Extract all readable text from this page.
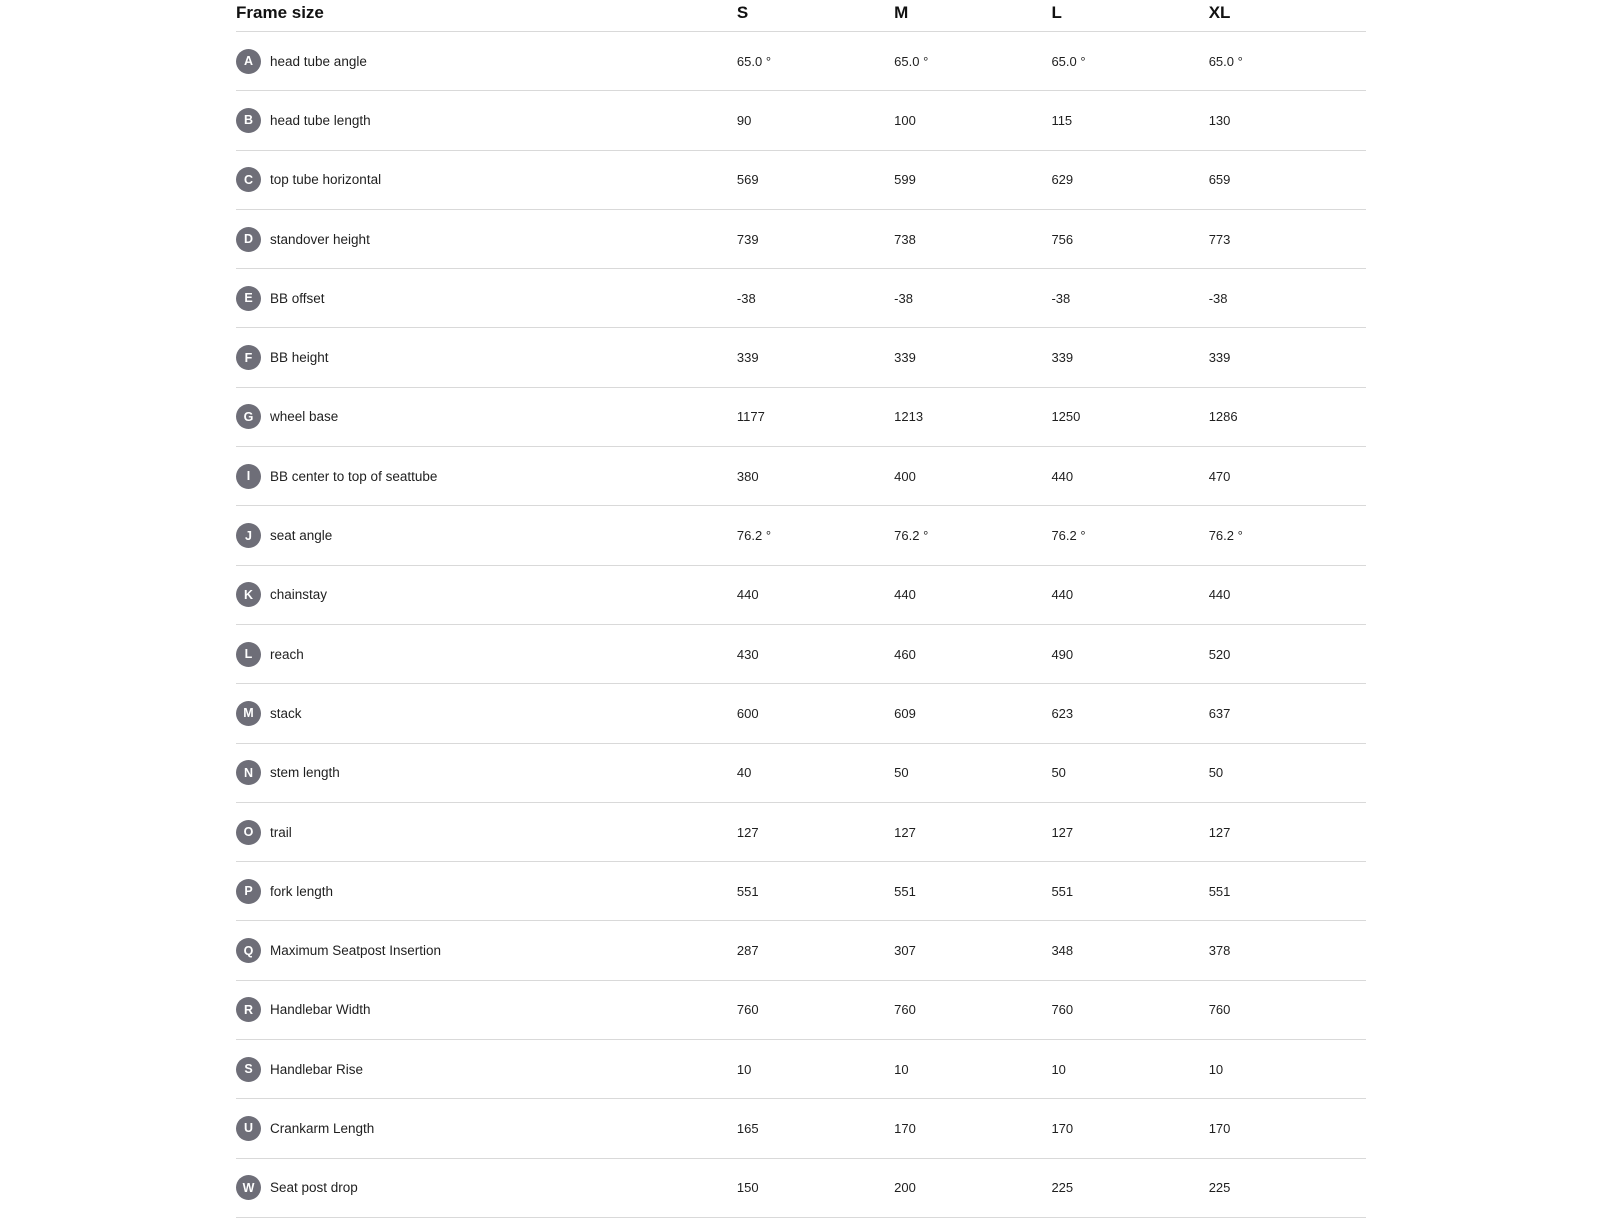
Frame size	S	M	L	XL
A	head tube angle	65.0 °	65.0 °	65.0 °	65.0 °
B	head tube length	90	100	115	130
C	top tube horizontal	569	599	629	659
D	standover height	739	738	756	773
E	BB offset	-38	-38	-38	-38
F	BB height	339	339	339	339
G	wheel base	1177	1213	1250	1286
I	BB center to top of seattube	380	400	440	470
J	seat angle	76.2 °	76.2 °	76.2 °	76.2 °
K	chainstay	440	440	440	440
L	reach	430	460	490	520
M	stack	600	609	623	637
N	stem length	40	50	50	50
O	trail	127	127	127	127
P	fork length	551	551	551	551
Q	Maximum Seatpost Insertion	287	307	348	378
R	Handlebar Width	760	760	760	760
S	Handlebar Rise	10	10	10	10
U	Crankarm Length	165	170	170	170
W	Seat post drop	150	200	225	225
